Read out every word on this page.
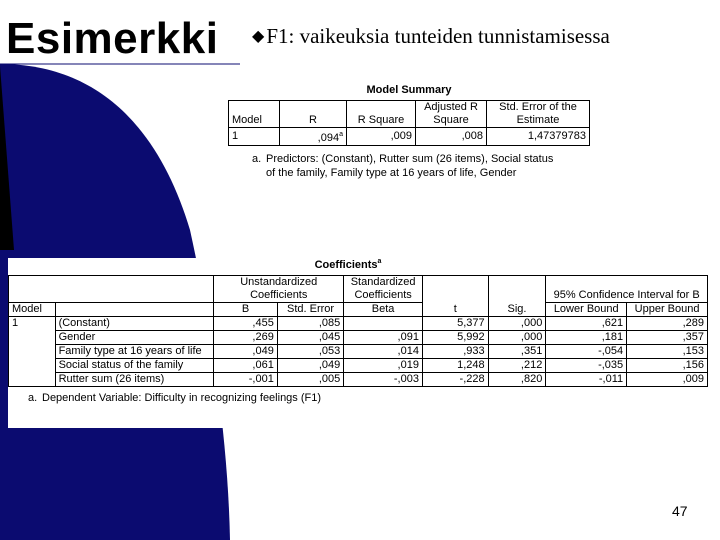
Esimerkki ◆F1: vaikeuksia tunteiden tunnistamisessa
Model Summary
Model	R	R Square	Adjusted R Square	Std. Error of the Estimate
1	,094$^a$	,009	,008	1,47379783
a. Predictors: (Constant), Rutter sum (26 items), Social status of the family, Family type at 16 years of life, Gender
Coefficients$^a$
		Unstandardized Coefficients		Standardized Coefficients	t	Sig.	95% Confidence Interval for B	
Model		B	Std. Error	Beta			Lower Bound	Upper Bound
1	(Constant)	,455	,085		5,377	,000	,621	,289
	Gender	,269	,045	,091	5,992	,000	,181	,357
	Family type at 16 years of life	,049	,053	,014	,933	,351	-,054	,153
	Social status of the family	,061	,049	,019	1,248	,212	-,035	,156
	Rutter sum (26 items)	-,001	,005	-,003	-,228	,820	-,011	,009
a. Dependent Variable: Difficulty in recognizing feelings (F1)
47
